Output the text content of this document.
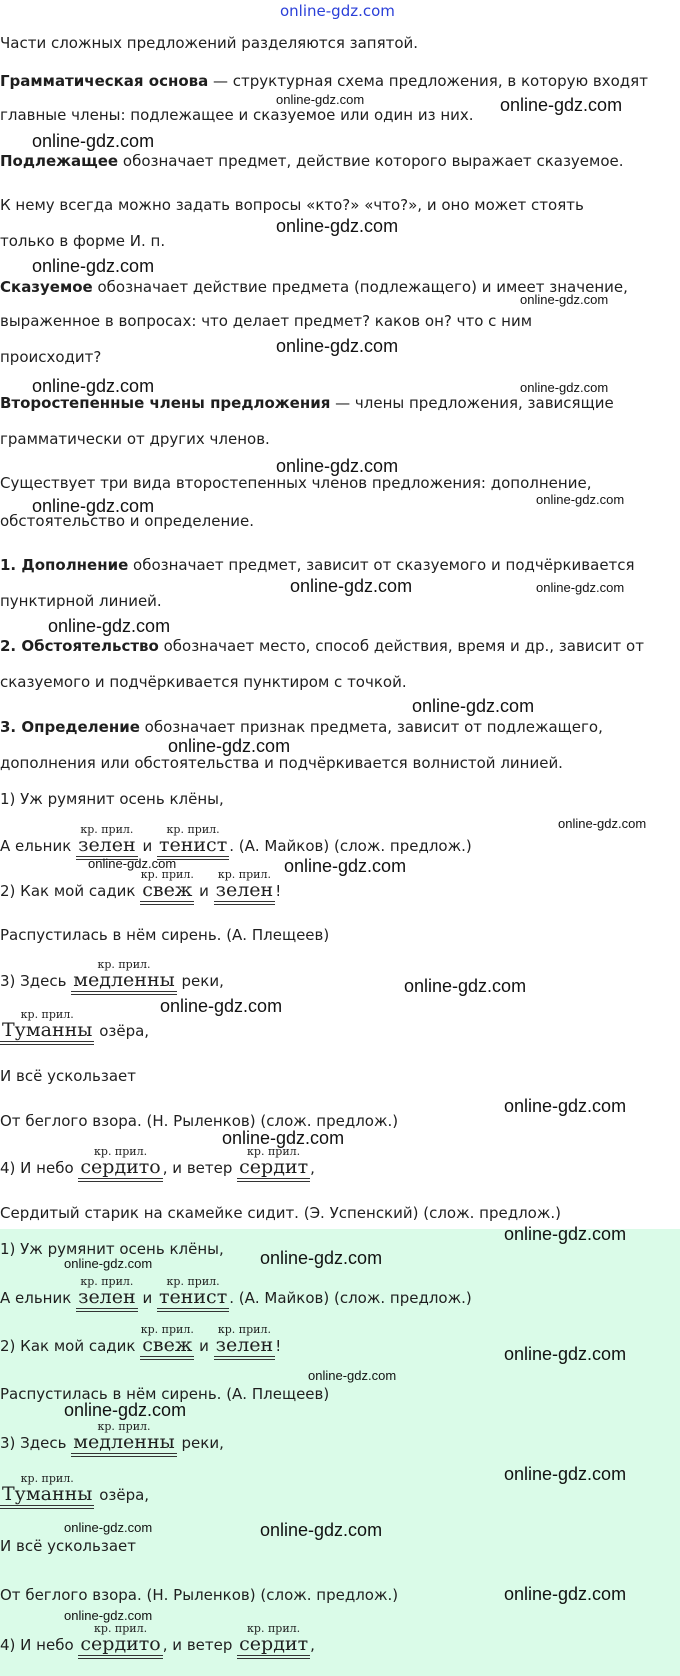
online-gdz.com
Части сложных предложений разделяются запятой.
Грамматическая основа — структурная схема предложения, в которую входят
главные члены: подлежащее и сказуемое или один из них.
Подлежащее обозначает предмет, действие которого выражает сказуемое.
К нему всегда можно задать вопросы «кто?» «что?», и оно может стоять
только в форме И. п.
Сказуемое обозначает действие предмета (подлежащего) и имеет значение,
выраженное в вопросах: что делает предмет? каков он? что с ним
происходит?
Второстепенные члены предложения — члены предложения, зависящие
грамматически от других членов.
Существует три вида второстепенных членов предложения: дополнение,
обстоятельство и определение.
1. Дополнение обозначает предмет, зависит от сказуемого и подчёркивается
пунктирной линией.
2. Обстоятельство обозначает место, способ действия, время и др., зависит от
сказуемого и подчёркивается пунктиром с точкой.
3. Определение обозначает признак предмета, зависит от подлежащего,
дополнения или обстоятельства и подчёркивается волнистой линией.
1) Уж румянит осень клёны,
А ельник
кр. прил.
зелен и
кр. прил.
тенист . (А. Майков) (слож. предлож.)
2) Как мой садик
кр. прил.
свеж и
кр. прил.
зелен !
Распустилась в нём сирень. (А. Плещеев)
3) Здесь
кр. прил.
медленны реки,
кр. прил.
Туманны озёра,
И всё ускользает
От беглого взора. (Н. Рыленков) (слож. предлож.)
4) И небо
кр. прил.
сердито , и ветер
кр. прил.
сердит ,
Сердитый старик на скамейке сидит. (Э. Успенский) (слож. предлож.)
1) Уж румянит осень клёны,
А ельник
кр. прил.
зелен и
кр. прил.
тенист . (А. Майков) (слож. предлож.)
2) Как мой садик
кр. прил.
свеж и
кр. прил.
зелен !
Распустилась в нём сирень. (А. Плещеев)
3) Здесь
кр. прил.
медленны реки,
кр. прил.
Туманны озёра,
И всё ускользает
От беглого взора. (Н. Рыленков) (слож. предлож.)
4) И небо
кр. прил.
сердито , и ветер
кр. прил.
сердит ,
online-gdz.com
online-gdz.com
online-gdz.com
online-gdz.com
online-gdz.com
online-gdz.com
online-gdz.com
online-gdz.com
online-gdz.com
online-gdz.com
online-gdz.com
online-gdz.com
online-gdz.com
online-gdz.com
online-gdz.com
online-gdz.com
online-gdz.com
online-gdz.com
online-gdz.com
online-gdz.com
online-gdz.com
online-gdz.com
online-gdz.com
online-gdz.com
online-gdz.com
online-gdz.com
online-gdz.com
online-gdz.com
online-gdz.com
online-gdz.com
online-gdz.com
online-gdz.com
online-gdz.com
online-gdz.com
online-gdz.com
